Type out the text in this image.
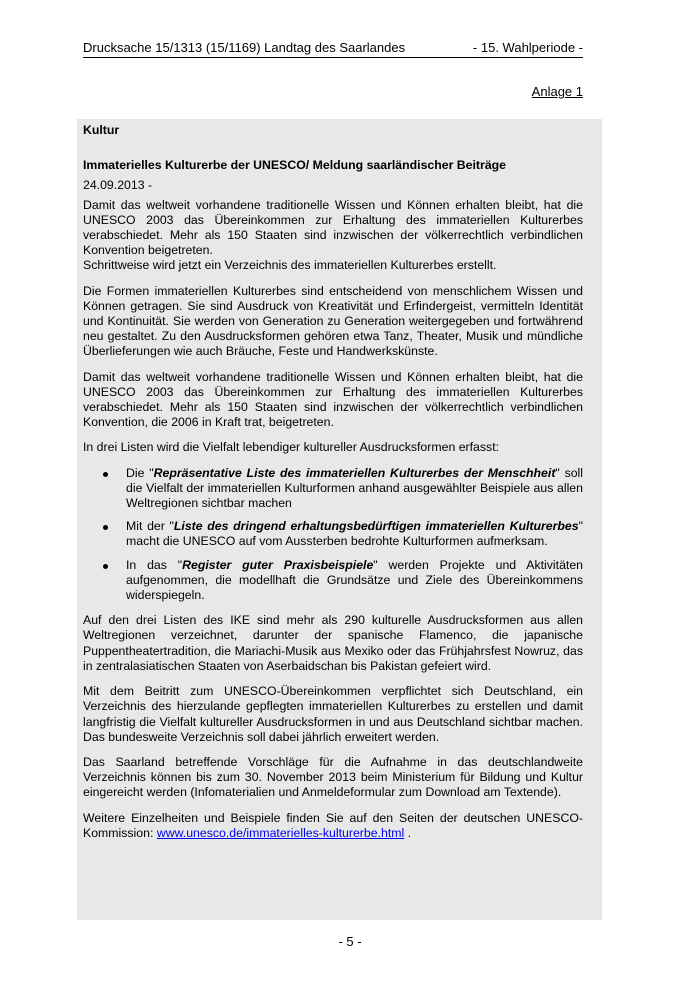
Drucksache 15/1313 (15/1169) Landtag des Saarlandes	- 15. Wahlperiode -
Anlage 1
Kultur
Immaterielles Kulturerbe der UNESCO/ Meldung saarländischer Beiträge
24.09.2013 -

Damit das weltweit vorhandene traditionelle Wissen und Können erhalten bleibt, hat die UNESCO 2003 das Übereinkommen zur Erhaltung des immateriellen Kulturerbes verabschiedet. Mehr als 150 Staaten sind inzwischen der völkerrechtlich verbindlichen Konvention beigetreten.

Schrittweise wird jetzt ein Verzeichnis des immateriellen Kulturerbes erstellt.

Die Formen immateriellen Kulturerbes sind entscheidend von menschlichem Wissen und Können getragen. Sie sind Ausdruck von Kreativität und Erfindergeist, vermitteln Identität und Kontinuität. Sie werden von Generation zu Generation weitergegeben und fortwährend neu gestaltet. Zu den Ausdrucksformen gehören etwa Tanz, Theater, Musik und mündliche Überlieferungen wie auch Bräuche, Feste und Handwerkskünste.

Damit das weltweit vorhandene traditionelle Wissen und Können erhalten bleibt, hat die UNESCO 2003 das Übereinkommen zur Erhaltung des immateriellen Kulturerbes verabschiedet. Mehr als 150 Staaten sind inzwischen der völkerrechtlich verbindlichen Konvention, die 2006 in Kraft trat, beigetreten.

In drei Listen wird die Vielfalt lebendiger kultureller Ausdrucksformen erfasst:

Die "Repräsentative Liste des immateriellen Kulturerbes der Menschheit" soll die Vielfalt der immateriellen Kulturformen anhand ausgewählter Beispiele aus allen Weltregionen sichtbar machen
Mit der "Liste des dringend erhaltungsbedürftigen immateriellen Kulturerbes" macht die UNESCO auf vom Aussterben bedrohte Kulturformen aufmerksam.
In das "Register guter Praxisbeispiele" werden Projekte und Aktivitäten aufgenommen, die modellhaft die Grundsätze und Ziele des Übereinkommens widerspiegeln.

Auf den drei Listen des IKE sind mehr als 290 kulturelle Ausdrucksformen aus allen Weltregionen verzeichnet, darunter der spanische Flamenco, die japanische Puppentheatertradition, die Mariachi-Musik aus Mexiko oder das Frühjahrsfest Nowruz, das in zentralasiatischen Staaten von Aserbaidschan bis Pakistan gefeiert wird.

Mit dem Beitritt zum UNESCO-Übereinkommen verpflichtet sich Deutschland, ein Verzeichnis des hierzulande gepflegten immateriellen Kulturerbes zu erstellen und damit langfristig die Vielfalt kultureller Ausdrucksformen in und aus Deutschland sichtbar machen. Das bundesweite Verzeichnis soll dabei jährlich erweitert werden.

Das Saarland betreffende Vorschläge für die Aufnahme in das deutschlandweite Verzeichnis können bis zum 30. November 2013 beim Ministerium für Bildung und Kultur eingereicht werden (Infomaterialien und Anmeldeformular zum Download am Textende).

Weitere Einzelheiten und Beispiele finden Sie auf den Seiten der deutschen UNESCO-Kommission: www.unesco.de/immaterielles-kulturerbe.html .

- 5 -
